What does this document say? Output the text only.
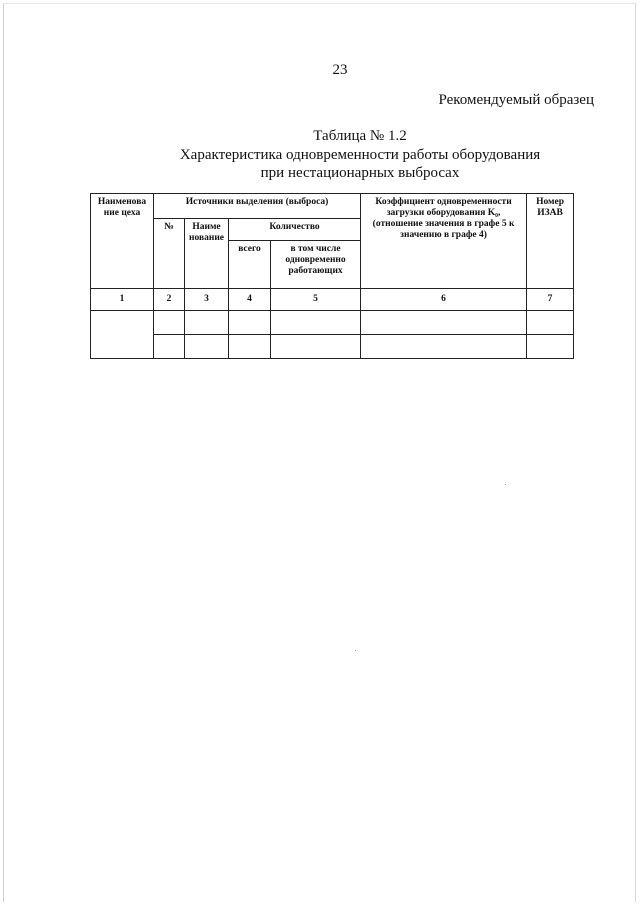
23
Рекомендуемый образец
Таблица № 1.2
Характеристика одновременности работы оборудования
при нестационарных выбросах
Наименова ние цеха	Источники выделения (выброса)				Коэффициент одновременности загрузки оборудования K₀, (отношение значения в графе 5 к значению в графе 4)	Номер ИЗАВ
	№	Наиме нование	Количество			
			всего	в том числе одновременно работающих		
1	2	3	4	5	6	7
